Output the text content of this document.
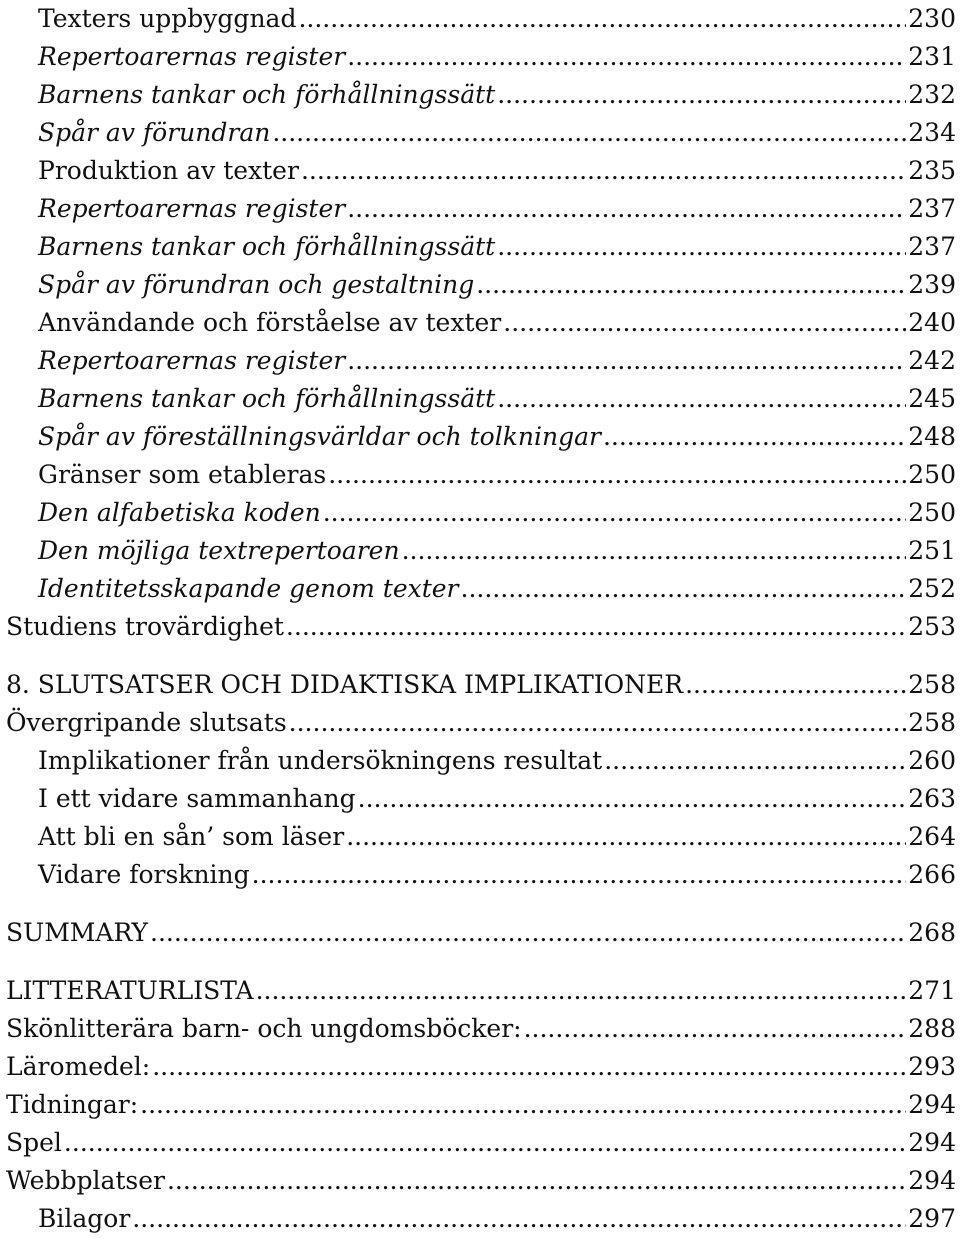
Texters uppbyggnad .....	230
Repertoarernas register .....	231
Barnens tankar och förhållningssätt .....	232
Spår av förundran .....	234
Produktion av texter .....	235
Repertoarernas register .....	237
Barnens tankar och förhållningssätt .....	237
Spår av förundran och gestaltning .....	239
Användande och förståelse av texter .....	240
Repertoarernas register .....	242
Barnens tankar och förhållningssätt .....	245
Spår av föreställningsvärldar och tolkningar .....	248
Gränser som etableras .....	250
Den alfabetiska koden .....	250
Den möjliga textrepertoaren .....	251
Identitetsskapande genom texter .....	252
Studiens trovärdighet .....	253
8. SLUTSATSER OCH DIDAKTISKA IMPLIKATIONER .....	258
Övergripande slutsats .....	258
Implikationer från undersökningens resultat .....	260
I ett vidare sammanhang .....	263
Att bli en sån’ som läser .....	264
Vidare forskning .....	266
SUMMARY .....	268
LITTERATURLISTA .....	271
Skönlitterära barn- och ungdomsböcker: .....	288
Läromedel: .....	293
Tidningar: .....	294
Spel .....	294
Webbplatser .....	294
Bilagor .....	297
